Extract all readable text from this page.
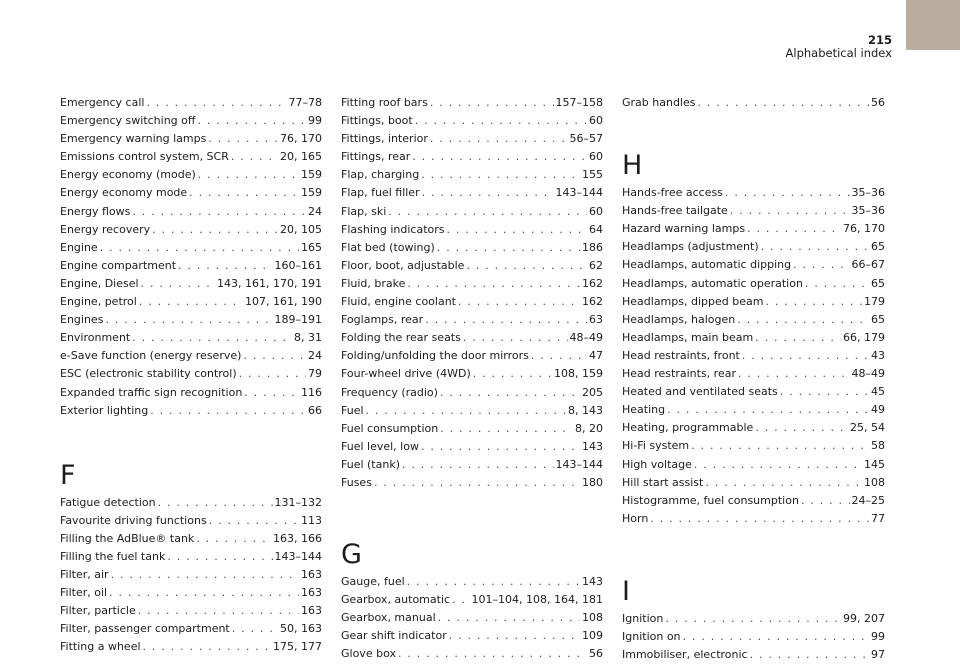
215
Alphabetical index
Emergency call . . .	77–78
Emergency switching off . . .	99
Emergency warning lamps . . .	76, 170
Emissions control system, SCR . . .	20, 165
Energy economy (mode) . . .	159
Energy economy mode . . .	159
Energy flows . . .	24
Energy recovery . . .	20, 105
Engine . . .	165
Engine compartment . . .	160–161
Engine, Diesel . . .	143, 161, 170, 191
Engine, petrol . . .	107, 161, 190
Engines . . .	189–191
Environment . . .	8, 31
e-Save function (energy reserve) . . .	24
ESC (electronic stability control) . . .	79
Expanded traffic sign recognition . . .	116
Exterior lighting . . .	66
F
Fatigue detection . . .	131–132
Favourite driving functions . . .	113
Filling the AdBlue® tank . . .	163, 166
Filling the fuel tank . . .	143–144
Filter, air . . .	163
Filter, oil . . .	163
Filter, particle . . .	163
Filter, passenger compartment . . .	50, 163
Fitting a wheel . . .	175, 177
Fitting roof bars . . .	157–158
Fittings, boot . . .	60
Fittings, interior . . .	56–57
Fittings, rear . . .	60
Flap, charging . . .	155
Flap, fuel filler . . .	143–144
Flap, ski . . .	60
Flashing indicators . . .	64
Flat bed (towing) . . .	186
Floor, boot, adjustable . . .	62
Fluid, brake . . .	162
Fluid, engine coolant . . .	162
Foglamps, rear . . .	63
Folding the rear seats . . .	48–49
Folding/unfolding the door mirrors . . .	47
Four-wheel drive (4WD) . . .	108, 159
Frequency (radio) . . .	205
Fuel . . .	8, 143
Fuel consumption . . .	8, 20
Fuel level, low . . .	143
Fuel (tank) . . .	143–144
Fuses . . .	180
G
Gauge, fuel . . .	143
Gearbox, automatic . . . 101–104, 108, 164, 181
Gearbox, manual . . .	108
Gear shift indicator . . .	109
Glove box . . .	56
Grab handles . . .	56
H
Hands-free access . . .	35–36
Hands-free tailgate . . .	35–36
Hazard warning lamps . . .	76, 170
Headlamps (adjustment) . . .	65
Headlamps, automatic dipping . . .	66–67
Headlamps, automatic operation . . .	65
Headlamps, dipped beam . . .	179
Headlamps, halogen . . .	65
Headlamps, main beam . . .	66, 179
Head restraints, front . . .	43
Head restraints, rear . . .	48–49
Heated and ventilated seats . . .	45
Heating . . .	49
Heating, programmable . . .	25, 54
Hi-Fi system . . .	58
High voltage . . .	145
Hill start assist . . .	108
Histogramme, fuel consumption . . .	24–25
Horn . . .	77
I
Ignition . . .	99, 207
Ignition on . . .	99
Immobiliser, electronic . . .	97
